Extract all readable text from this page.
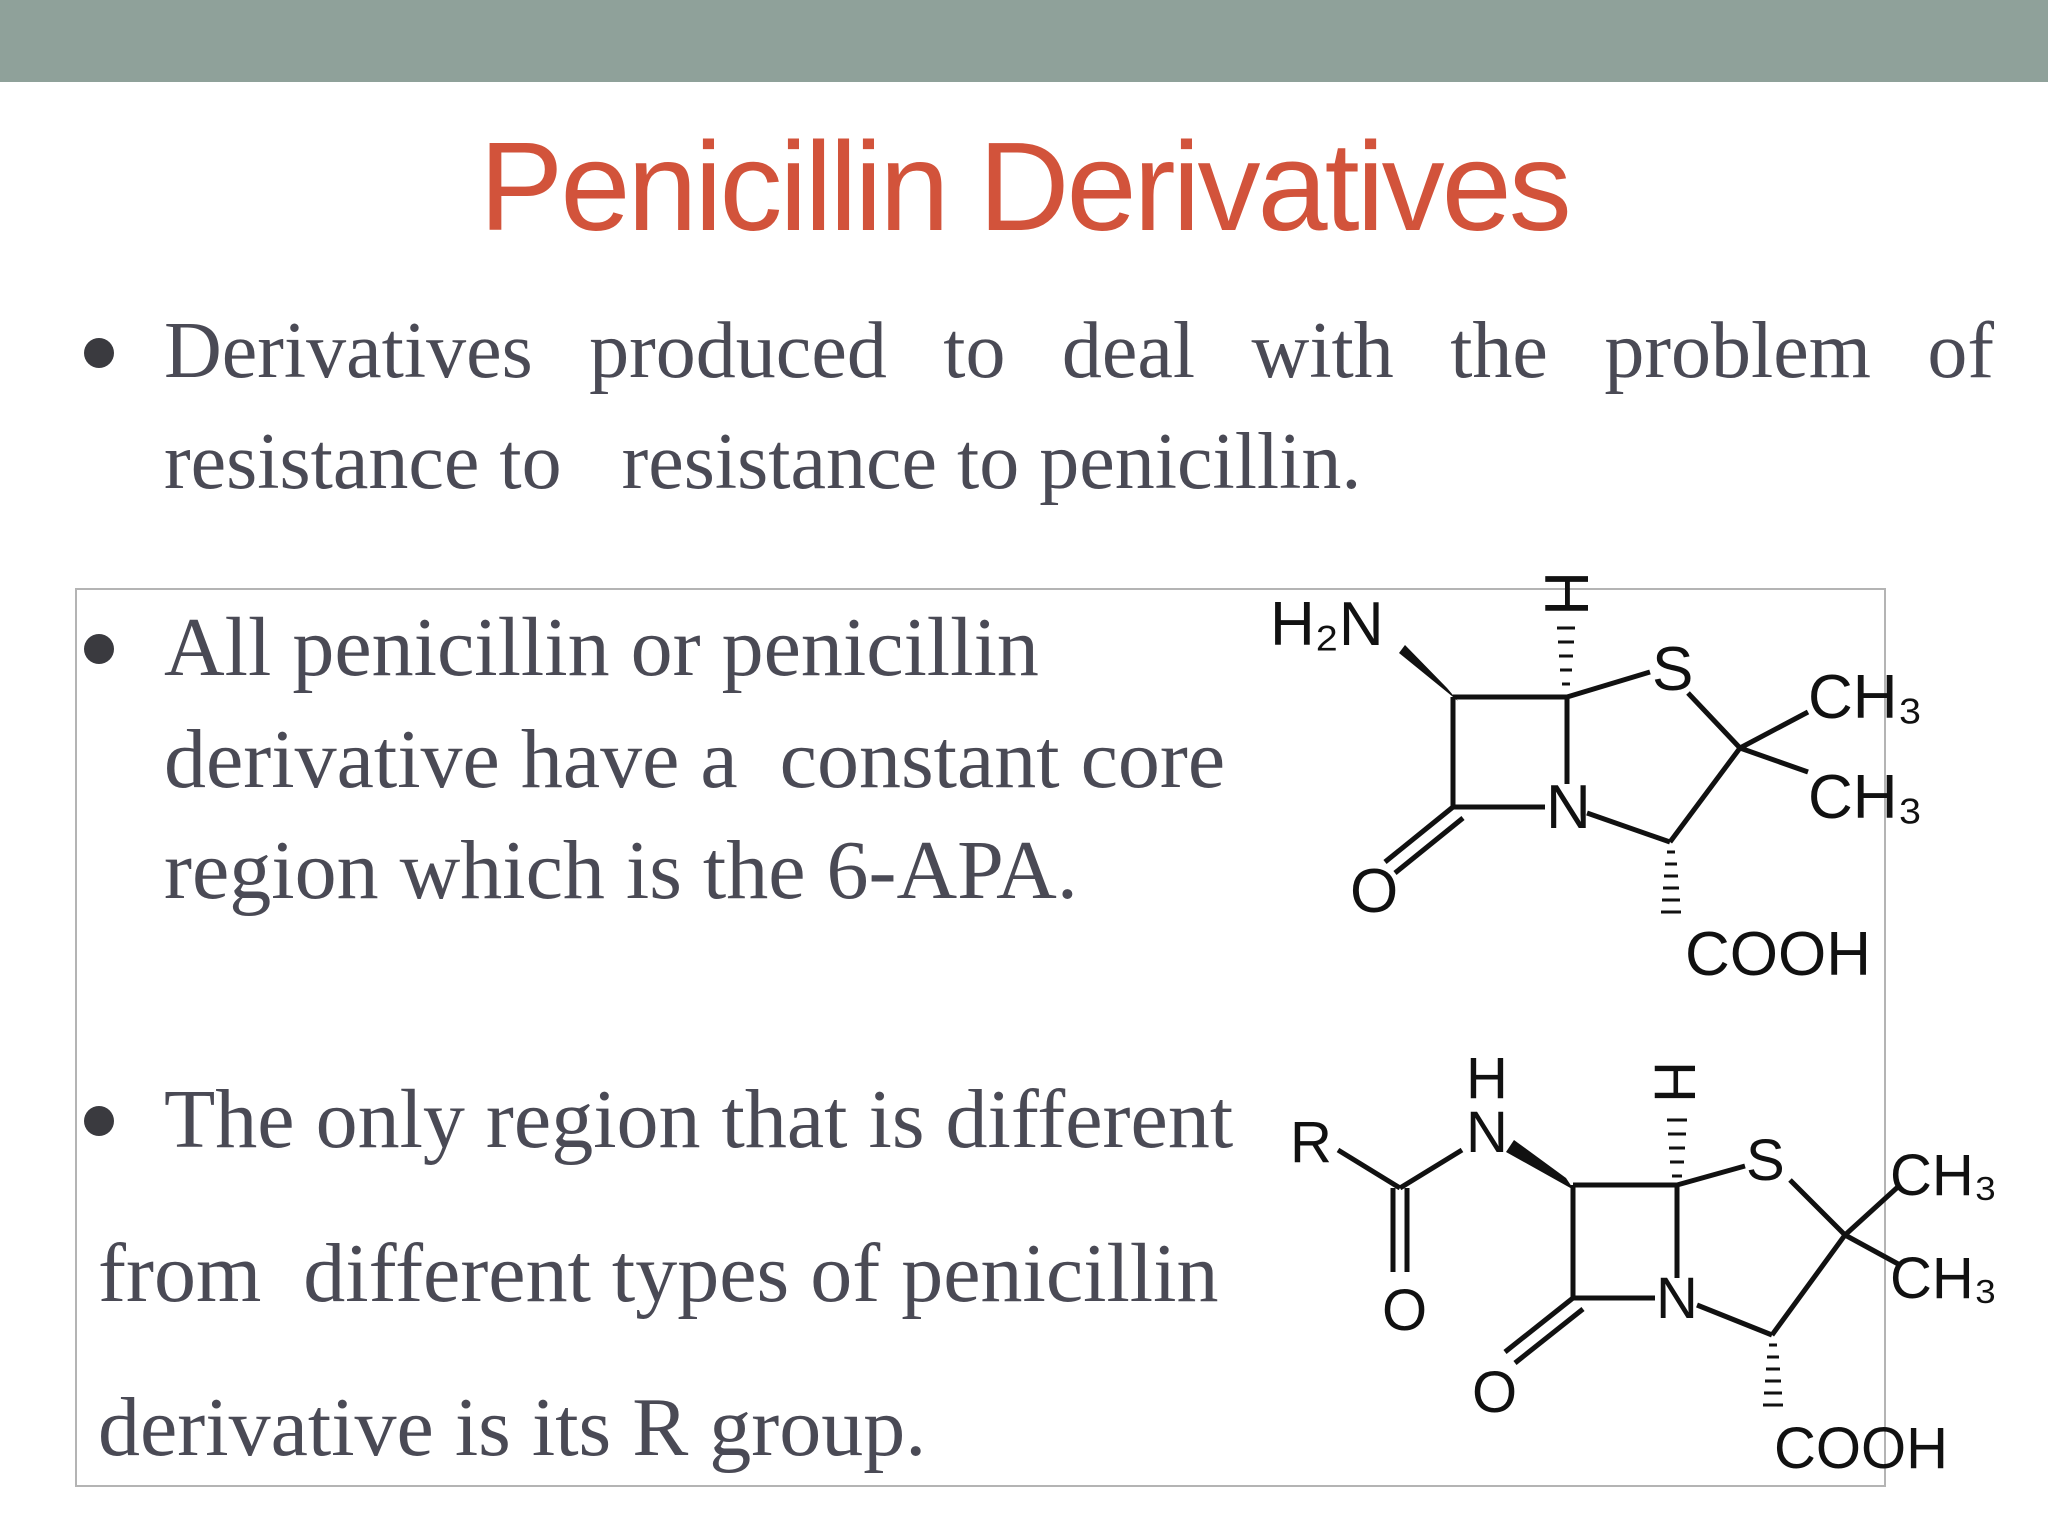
Penicillin Derivatives
Derivatives produced to deal with the problem of
resistance to   resistance to penicillin.
All penicillin or penicillin
derivative have a  constant core
region which is the 6-APA.
The only region that is different
from  different types of penicillin
derivative is its R group.
H₂N H
S
N
O
CH₃
CH₃
COOH
R
H
N
H
S
N
O
O
CH₃
CH₃
COOH
